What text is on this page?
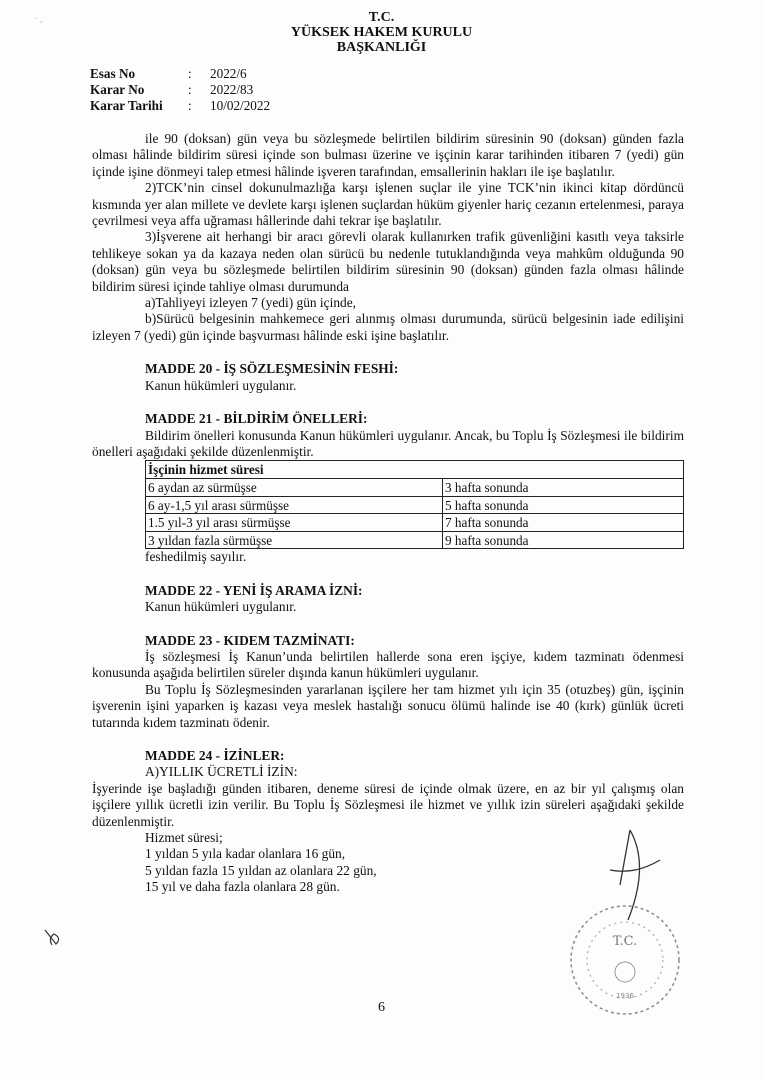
· ,	T.C.
YÜKSEK HAKEM KURULU
BAŞKANLIĞI
Esas No	:	2022/6
Karar No	:	2022/83
Karar Tarihi	:	10/02/2022

ile 90 (doksan) gün veya bu sözleşmede belirtilen bildirim süresinin 90 (doksan) günden fazla olması hâlinde bildirim süresi içinde son bulması üzerine ve işçinin karar tarihinden itibaren 7 (yedi) gün içinde işine dönmeyi talep etmesi hâlinde işveren tarafından, emsallerinin hakları ile işe başlatılır.

2)TCK’nin cinsel dokunulmazlığa karşı işlenen suçlar ile yine TCK’nin ikinci kitap dördüncü kısmında yer alan millete ve devlete karşı işlenen suçlardan hüküm giyenler hariç cezanın ertelenmesi, paraya çevrilmesi veya affa uğraması hâllerinde dahi tekrar işe başlatılır.

3)İşverene ait herhangi bir aracı görevli olarak kullanırken trafik güvenliğini kasıtlı veya taksirle tehlikeye sokan ya da kazaya neden olan sürücü bu nedenle tutuklandığında veya mahkûm olduğunda 90 (doksan) gün veya bu sözleşmede belirtilen bildirim süresinin 90 (doksan) günden fazla olması hâlinde bildirim süresi içinde tahliye olması durumunda

a)Tahliyeyi izleyen 7 (yedi) gün içinde,

b)Sürücü belgesinin mahkemece geri alınmış olması durumunda, sürücü belgesinin iade edilişini izleyen 7 (yedi) gün içinde başvurması hâlinde eski işine başlatılır.

MADDE 20 - İŞ SÖZLEŞMESİNİN FESHİ:

Kanun hükümleri uygulanır.

MADDE 21 - BİLDİRİM ÖNELLERİ:

Bildirim önelleri konusunda Kanun hükümleri uygulanır. Ancak, bu Toplu İş Sözleşmesi ile bildirim önelleri aşağıdaki şekilde düzenlenmiştir.

İşçinin hizmet süresi	
6 aydan az sürmüşse	3 hafta sonunda
6 ay-1,5 yıl arası sürmüşse	5 hafta sonunda
1.5 yıl-3 yıl arası sürmüşse	7 hafta sonunda
3 yıldan fazla sürmüşse	9 hafta sonunda

feshedilmiş sayılır.

MADDE 22 - YENİ İŞ ARAMA İZNİ:

Kanun hükümleri uygulanır.

MADDE 23 - KIDEM TAZMİNATI:

İş sözleşmesi İş Kanun’unda belirtilen hallerde sona eren işçiye, kıdem tazminatı ödenmesi konusunda aşağıda belirtilen süreler dışında kanun hükümleri uygulanır.

Bu Toplu İş Sözleşmesinden yararlanan işçilere her tam hizmet yılı için 35 (otuzbeş) gün, işçinin işverenin işini yaparken iş kazası veya meslek hastalığı sonucu ölümü halinde ise 40 (kırk) günlük ücreti tutarında kıdem tazminatı ödenir.

MADDE 24 - İZİNLER:

A)YILLIK ÜCRETLİ İZİN:

İşyerinde işe başladığı günden itibaren, deneme süresi de içinde olmak üzere, en az bir yıl çalışmış olan işçilere yıllık ücretli izin verilir. Bu Toplu İş Sözleşmesi ile hizmet ve yıllık izin süreleri aşağıdaki şekilde düzenlenmiştir.

Hizmet süresi;

1 yıldan 5 yıla kadar olanlara 16 gün,

5 yıldan fazla 15 yıldan az olanlara 22 gün,

15 yıl ve daha fazla olanlara 28 gün.

T.C.
1936
6
